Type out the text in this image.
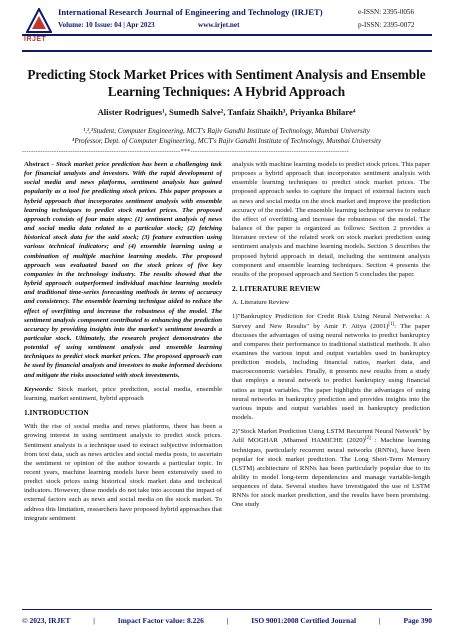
IRJET
International Research Journal of Engineering and Technology (IRJET)
Volume: 10 Issue: 04 | Apr 2023	www.irjet.net
e-ISSN: 2395-0056
p-ISSN: 2395-0072
Predicting Stock Market Prices with Sentiment Analysis and Ensemble Learning Techniques: A Hybrid Approach
Alister Rodrigues¹, Sumedh Salve², Tanfaiz Shaikh³, Priyanka Bhilare⁴
¹,²,³Student, Computer Engineering, MCT's Rajiv Gandhi Institute of Technology, Mumbai University
⁴Professor, Dept. of Computer Engineering, MCT's Rajiv Gandhi Institute of Technology, Mumbai University
---------------------------------------------------------------------***---------------------------------------------------------------------

Abstract - Stock market price prediction has been a challenging task for financial analysts and investors. With the rapid development of social media and news platforms, sentiment analysis has gained popularity as a tool for predicting stock prices. This paper proposes a hybrid approach that incorporates sentiment analysis with ensemble learning techniques to predict stock market prices. The proposed approach consists of four main steps: (1) sentiment analysis of news and social media data related to a particular stock; (2) fetching historical stock data for the said stock; (3) feature extraction using various technical indicators; and (4) ensemble learning using a combination of multiple machine learning models. The proposed approach was evaluated based on the stock prices of five key companies in the technology industry. The results showed that the hybrid approach outperformed individual machine learning models and traditional time-series forecasting methods in terms of accuracy and consistency. The ensemble learning technique aided to reduce the effect of overfitting and increase the robustness of the model. The sentiment analysis component contributed to enhancing the prediction accuracy by providing insights into the market's sentiment towards a particular stock. Ultimately, the research project demonstrates the potential of using sentiment analysis and ensemble learning techniques to predict stock market prices. The proposed approach can be used by financial analysts and investors to make informed decisions and mitigate the risks associated with stock investments.

Keywords: Stock market, price prediction, social media, ensemble learning, market sentiment, hybrid approach

1.INTRODUCTION

With the rise of social media and news platforms, there has been a growing interest in using sentiment analysis to predict stock prices. Sentiment analysis is a technique used to extract subjective information from text data, such as news articles and social media posts, to ascertain the sentiment or opinion of the author towards a particular topic. In recent years, machine learning models have been extensively used to predict stock prices using historical stock market data and technical indicators. However, these models do not take into account the impact of external factors such as news and social media on the stock market. To address this limitation, researchers have proposed hybrid approaches that integrate sentiment

analysis with machine learning models to predict stock prices. This paper proposes a hybrid approach that incorporates sentiment analysis with ensemble learning techniques to predict stock market prices. The proposed approach seeks to capture the impact of external factors such as news and social media on the stock market and improve the prediction accuracy of the model. The ensemble learning technique serves to reduce the effect of overfitting and increase the robustness of the model. The balance of the paper is organized as follows: Section 2 provides a literature review of the related work on stock market prediction using sentiment analysis and machine learning models. Section 3 describes the proposed hybrid approach in detail, including the sentiment analysis component and ensemble learning techniques. Section 4 presents the results of the proposed approach and Section 5 concludes the paper.

2. LITERATURE REVIEW

A. Literature Review

1)"Bankruptcy Prediction for Credit Risk Using Neural Networks: A Survey and New Results" by Amir F. Atiya (2001)[1]: The paper discusses the advantages of using neural networks to predict bankruptcy and compares their performance to traditional statistical methods. It also examines the various input and output variables used in bankruptcy prediction models, including financial ratios, market data, and macroeconomic variables. Finally, it presents new results from a study that employs a neural network to predict bankruptcy using financial ratios as input variables. The paper highlights the advantages of using neural networks in bankruptcy prediction and provides insights into the various inputs and output variables used in bankruptcy prediction models.

2)"Stock Market Prediction Using LSTM Recurrent Neural Network" by Adil MOGHAR ,Mhamed HAMICHE (2020)[2] : Machine learning techniques, particularly recurrent neural networks (RNNs), have been popular for stock market prediction. The Long Short-Term Memory (LSTM) architecture of RNNs has been particularly popular due to its ability to model long-term dependencies and manage variable-length sequences of data. Several studies have investigated the use of LSTM RNNs for stock market prediction, and the results have been promising. One study

© 2023, IRJET	|	Impact Factor value: 8.226	|	ISO 9001:2008 Certified Journal	|	Page 390
